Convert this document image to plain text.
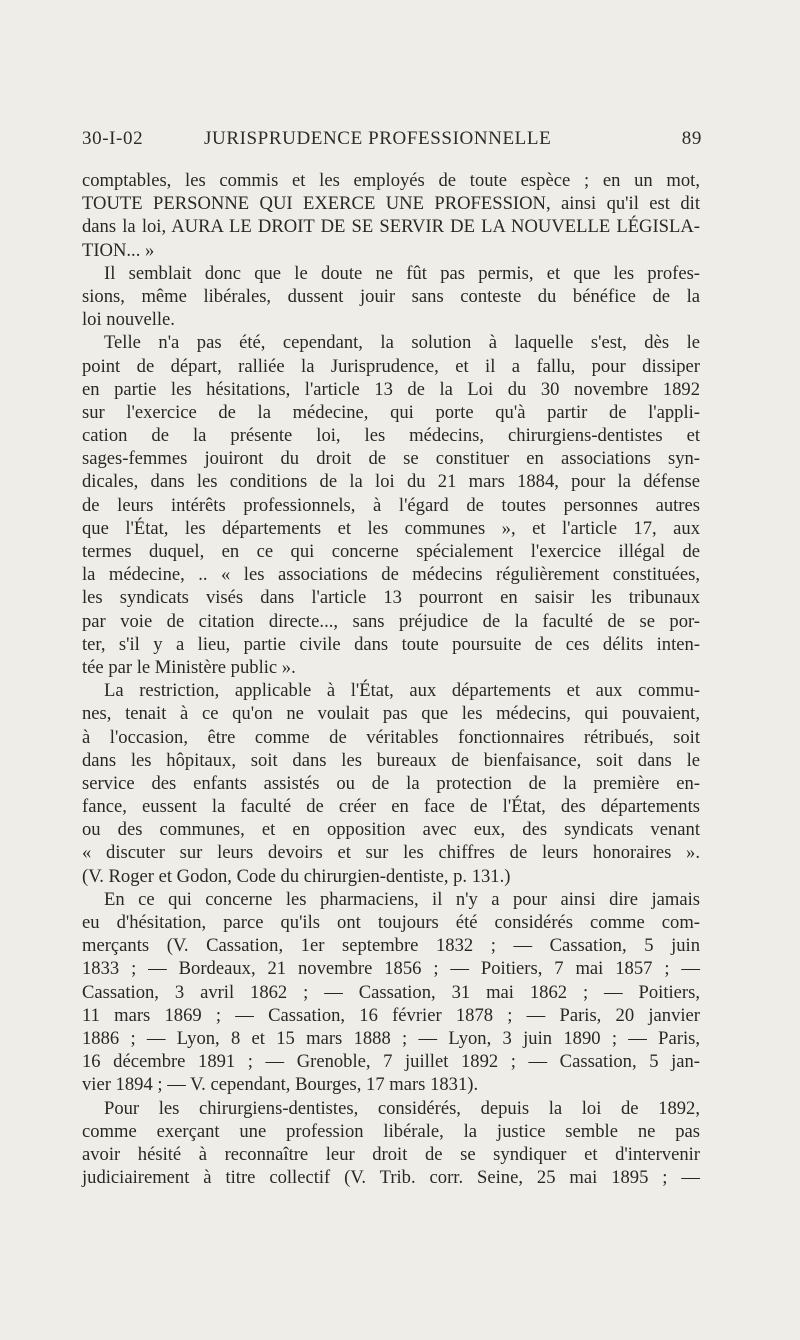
30-I-02	JURISPRUDENCE PROFESSIONNELLE	89
comptables, les commis et les employés de toute espèce ; en un mot,
TOUTE PERSONNE QUI EXERCE UNE PROFESSION, ainsi qu'il est dit
dans la loi, AURA LE DROIT DE SE SERVIR DE LA NOUVELLE LÉGISLA-
TION... »
Il semblait donc que le doute ne fût pas permis, et que les profes-
sions, même libérales, dussent jouir sans conteste du bénéfice de la
loi nouvelle.
Telle n'a pas été, cependant, la solution à laquelle s'est, dès le
point de départ, ralliée la Jurisprudence, et il a fallu, pour dissiper
en partie les hésitations, l'article 13 de la Loi du 30 novembre 1892
sur l'exercice de la médecine, qui porte qu'à partir de l'appli-
cation de la présente loi, les médecins, chirurgiens-dentistes et
sages-femmes jouiront du droit de se constituer en associations syn-
dicales, dans les conditions de la loi du 21 mars 1884, pour la défense
de leurs intérêts professionnels, à l'égard de toutes personnes autres
que l'État, les départements et les communes », et l'article 17, aux
termes duquel, en ce qui concerne spécialement l'exercice illégal de
la médecine, .. « les associations de médecins régulièrement constituées,
les syndicats visés dans l'article 13 pourront en saisir les tribunaux
par voie de citation directe..., sans préjudice de la faculté de se por-
ter, s'il y a lieu, partie civile dans toute poursuite de ces délits inten-
tée par le Ministère public ».
La restriction, applicable à l'État, aux départements et aux commu-
nes, tenait à ce qu'on ne voulait pas que les médecins, qui pouvaient,
à l'occasion, être comme de véritables fonctionnaires rétribués, soit
dans les hôpitaux, soit dans les bureaux de bienfaisance, soit dans le
service des enfants assistés ou de la protection de la première en-
fance, eussent la faculté de créer en face de l'État, des départements
ou des communes, et en opposition avec eux, des syndicats venant
« discuter sur leurs devoirs et sur les chiffres de leurs honoraires ».
(V. Roger et Godon, Code du chirurgien-dentiste, p. 131.)
En ce qui concerne les pharmaciens, il n'y a pour ainsi dire jamais
eu d'hésitation, parce qu'ils ont toujours été considérés comme com-
merçants (V. Cassation, 1er septembre 1832 ; — Cassation, 5 juin
1833 ; — Bordeaux, 21 novembre 1856 ; — Poitiers, 7 mai 1857 ; —
Cassation, 3 avril 1862 ; — Cassation, 31 mai 1862 ; — Poitiers,
11 mars 1869 ; — Cassation, 16 février 1878 ; — Paris, 20 janvier
1886 ; — Lyon, 8 et 15 mars 1888 ; — Lyon, 3 juin 1890 ; — Paris,
16 décembre 1891 ; — Grenoble, 7 juillet 1892 ; — Cassation, 5 jan-
vier 1894 ; — V. cependant, Bourges, 17 mars 1831).
Pour les chirurgiens-dentistes, considérés, depuis la loi de 1892,
comme exerçant une profession libérale, la justice semble ne pas
avoir hésité à reconnaître leur droit de se syndiquer et d'intervenir
judiciairement à titre collectif (V. Trib. corr. Seine, 25 mai 1895 ; —
